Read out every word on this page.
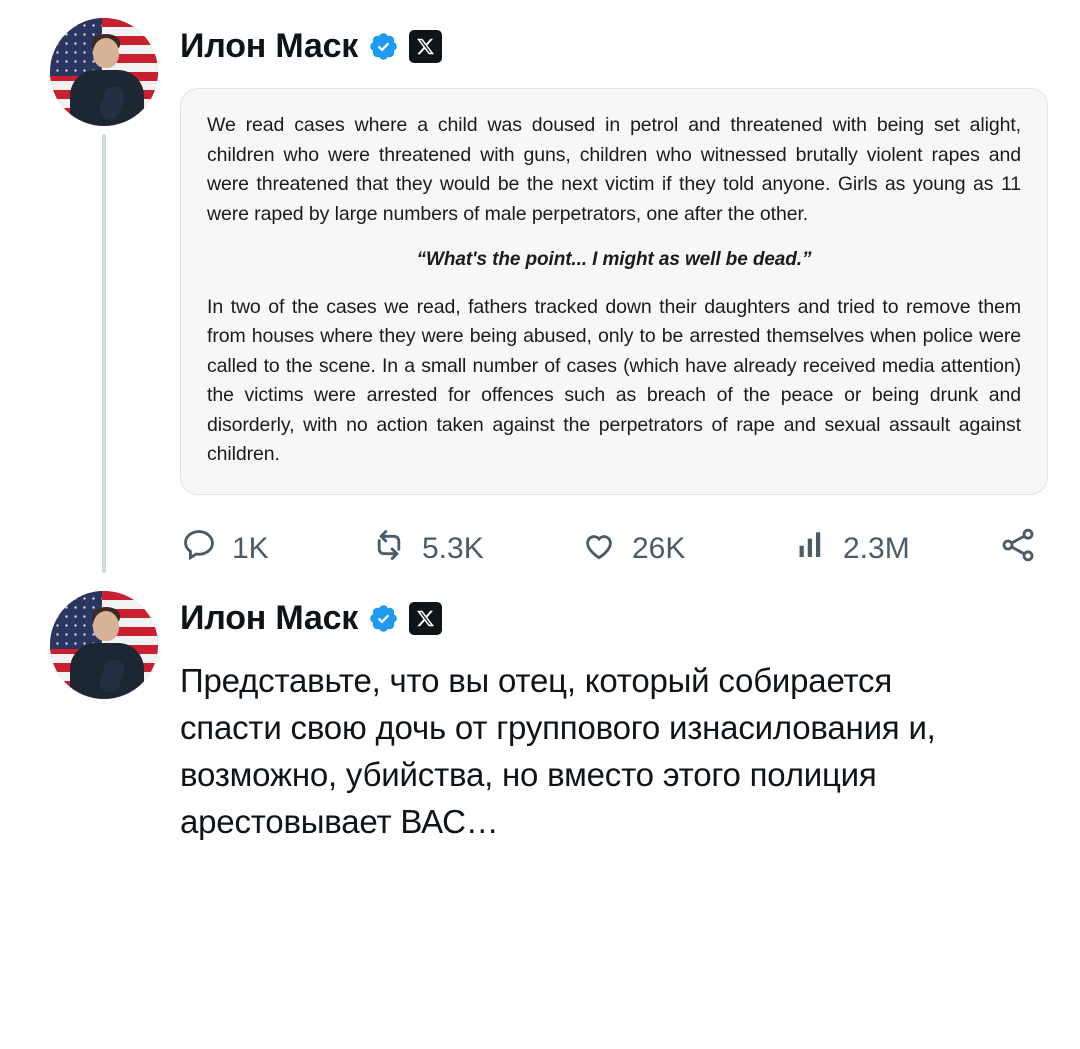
Илон Маск

We read cases where a child was doused in petrol and threatened with being set alight, children who were threatened with guns, children who witnessed brutally violent rapes and were threatened that they would be the next victim if they told anyone. Girls as young as 11 were raped by large numbers of male perpetrators, one after the other.

“What's the point... I might as well be dead.”

In two of the cases we read, fathers tracked down their daughters and tried to remove them from houses where they were being abused, only to be arrested themselves when police were called to the scene. In a small number of cases (which have already received media attention) the victims were arrested for offences such as breach of the peace or being drunk and disorderly, with no action taken against the perpetrators of rape and sexual assault against children.

1K	5.3K	26K	2.3M
Илон Маск
Представьте, что вы отец, который собирается спасти свою дочь от группового изнасилования и, возможно, убийства, но вместо этого полиция арестовывает ВАС…
